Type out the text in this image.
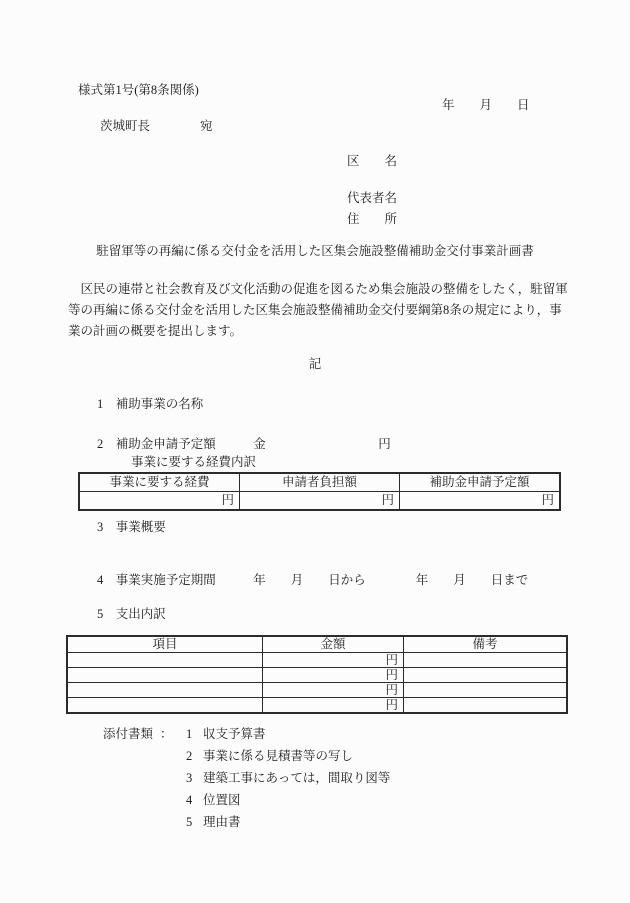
様式第1号(第8条関係)
年　　月　　日
茨城町長　　　　宛
区　　名
代表者名
住　　所
駐留軍等の再編に係る交付金を活用した区集会施設整備補助金交付事業計画書
　区民の連帯と社会教育及び文化活動の促進を図るため集会施設の整備をしたく，駐留軍
等の再編に係る交付金を活用した区集会施設整備補助金交付要綱第8条の規定により，事
業の計画の概要を提出します。
記
1　補助事業の名称
2　補助金申請予定額　　　金　　　　　　　　　円
事業に要する経費内訳
事業に要する経費	申請者負担額	補助金申請予定額
円	円	円
3　事業概要
4　事業実施予定期間　　　年　　月　　日から　　　　年　　月　　日まで
5　支出内訳
項目	金額	備考
	円	
	円	
	円	
	円	
添付書類 ： 1 収支予算書
2 事業に係る見積書等の写し
3 建築工事にあっては，間取り図等
4 位置図
5 理由書
